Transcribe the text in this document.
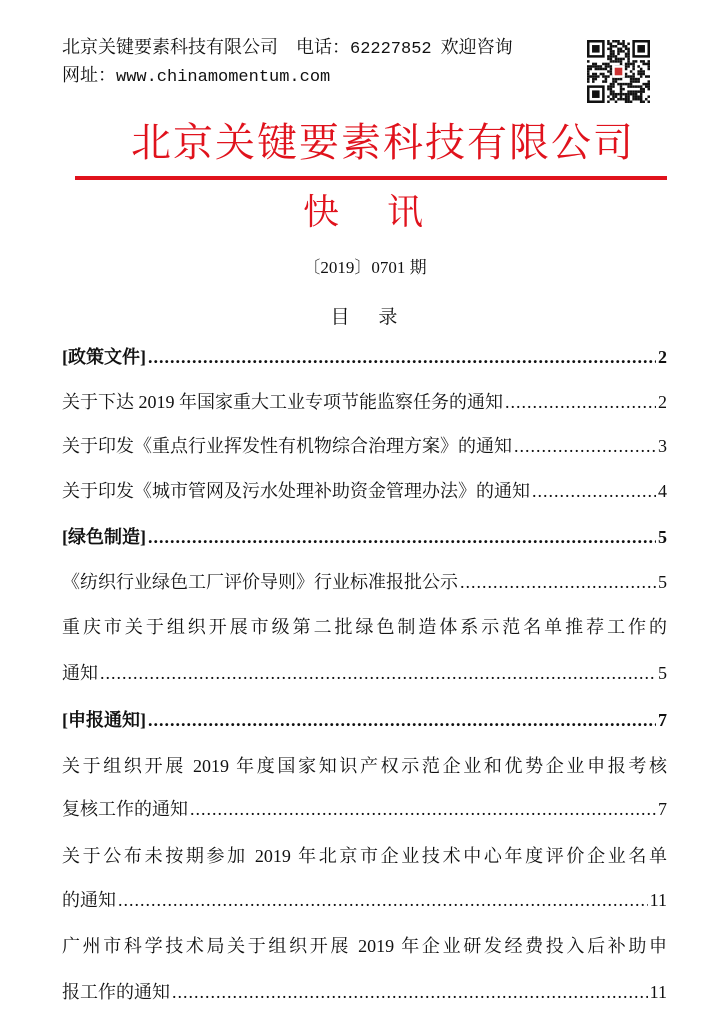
北京关键要素科技有限公司 电话：62227852 欢迎咨询
网址：www.chinamomentum.com
北京关键要素科技有限公司
快 讯
〔2019〕0701 期
目 录
[政策文件] .....	2
关于下达 2019 年国家重大工业专项节能监察任务的通知 .....	2
关于印发《重点行业挥发性有机物综合治理方案》的通知 .....	3
关于印发《城市管网及污水处理补助资金管理办法》的通知 .....	4
[绿色制造] .....	5
《纺织行业绿色工厂评价导则》行业标准报批公示 .....	5
重庆市关于组织开展市级第二批绿色制造体系示范名单推荐工作的
通知 .....	5
[申报通知] .....	7
关于组织开展 2019 年度国家知识产权示范企业和优势企业申报考核
复核工作的通知 .....	7
关于公布未按期参加 2019 年北京市企业技术中心年度评价企业名单
的通知 .....	11
广州市科学技术局关于组织开展 2019 年企业研发经费投入后补助申
报工作的通知 .....	11
